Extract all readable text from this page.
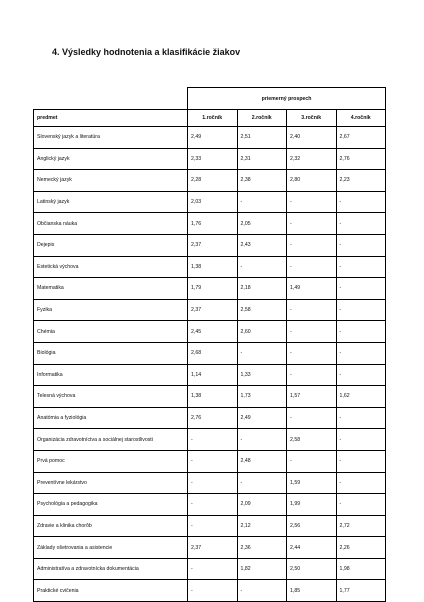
4. Výsledky hodnotenia a klasifikácie žiakov
	priemerný prospech			
predmet	1.ročník	2.ročník	3.ročník	4.ročník
Slovenský jazyk a literatúra	2,49	2,51	2,40	2,67
Anglický jazyk	2,33	2,31	2,32	2,76
Nemecký jazyk	2,28	2,38	2,80	2,23
Latinský jazyk	2,03	-	-	-
Občianska náuka	1,76	2,05	-	-
Dejepis	2,37	2,43	-	-
Estetická výchova	1,38	-	-	-
Matematika	1,79	2,18	1,49	-
Fyzika	2,37	2,58	-	-
Chémia	2,45	2,60	-	-
Biológia	2,68	-	-	-
Informatika	1,14	1,33	-	-
Telesná výchova	1,38	1,73	1,57	1,62
Anatómia a fyziológia	2,76	2,49	-	-
Organizácia zdravotníctva a sociálnej starostlivosti	-	-	2,58	-
Prvá pomoc	-	2,48	-	-
Preventívne lekárstvo	-	-	1,59	-
Psychológia a pedagogika	-	2,09	1,99	-
Zdravie a klinika chorôb	-	2,12	2,56	2,72
Základy ošetrovania a asistencie	2,37	2,36	2,44	2,26
Administratíva a zdravotnícka dokumentácia	-	1,82	2,50	1,98
Praktické cvičenia	-	-	1,85	1,77
